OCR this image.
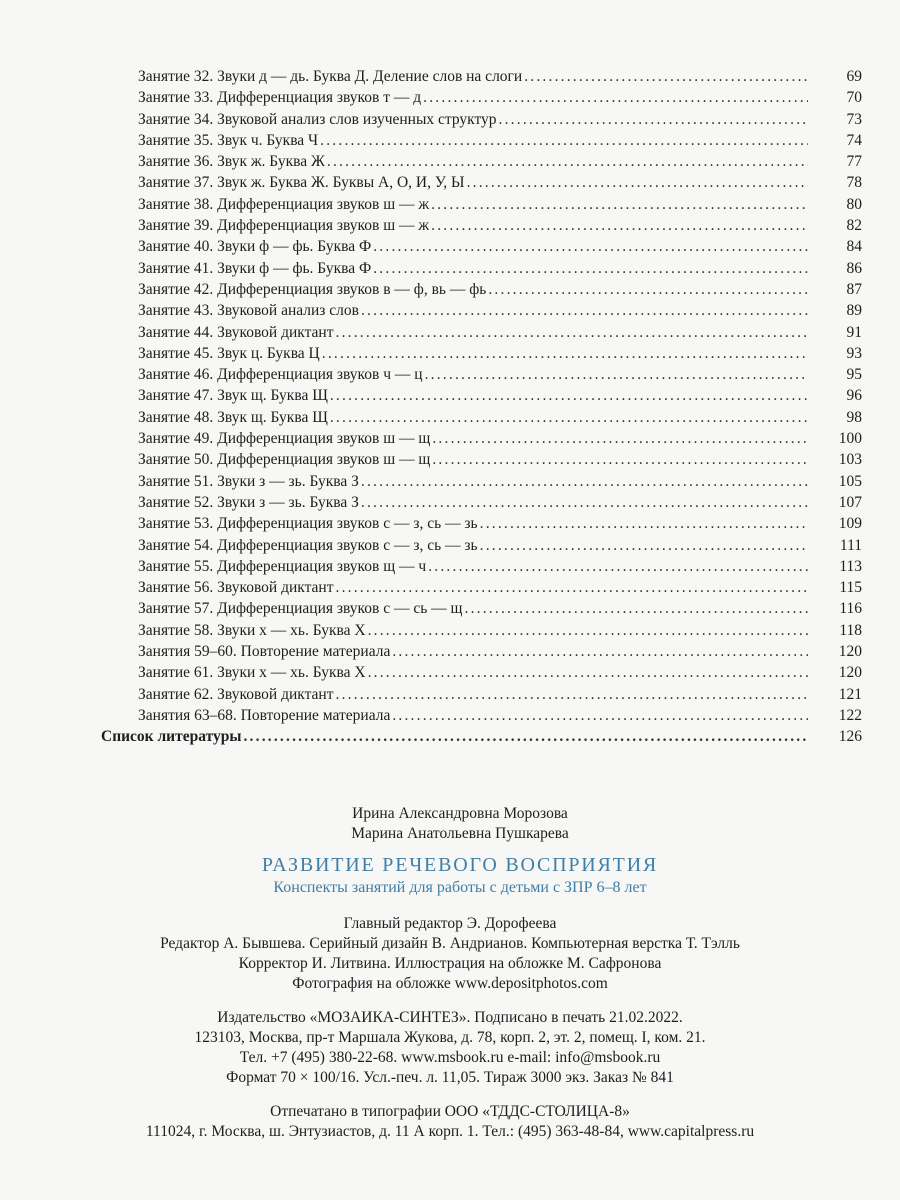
Занятие 32. Звуки д — дь. Буква Д. Деление слов на слоги .....	69
Занятие 33. Дифференциация звуков т — д .....	70
Занятие 34. Звуковой анализ слов изученных структур .....	73
Занятие 35. Звук ч. Буква Ч .....	74
Занятие 36. Звук ж. Буква Ж .....	77
Занятие 37. Звук ж. Буква Ж. Буквы А, О, И, У, Ы .....	78
Занятие 38. Дифференциация звуков ш — ж .....	80
Занятие 39. Дифференциация звуков ш — ж .....	82
Занятие 40. Звуки ф — фь. Буква Ф .....	84
Занятие 41. Звуки ф — фь. Буква Ф .....	86
Занятие 42. Дифференциация звуков в — ф, вь — фь .....	87
Занятие 43. Звуковой анализ слов .....	89
Занятие 44. Звуковой диктант .....	91
Занятие 45. Звук ц. Буква Ц .....	93
Занятие 46. Дифференциация звуков ч — ц .....	95
Занятие 47. Звук щ. Буква Щ .....	96
Занятие 48. Звук щ. Буква Щ .....	98
Занятие 49. Дифференциация звуков ш — щ .....	100
Занятие 50. Дифференциация звуков ш — щ .....	103
Занятие 51. Звуки з — зь. Буква З .....	105
Занятие 52. Звуки з — зь. Буква З .....	107
Занятие 53. Дифференциация звуков с — з, сь — зь .....	109
Занятие 54. Дифференциация звуков с — з, сь — зь .....	111
Занятие 55. Дифференциация звуков щ — ч .....	113
Занятие 56. Звуковой диктант .....	115
Занятие 57. Дифференциация звуков с — сь — щ .....	116
Занятие 58. Звуки х — хь. Буква Х .....	118
Занятия 59–60. Повторение материала .....	120
Занятие 61. Звуки х — хь. Буква Х .....	120
Занятие 62. Звуковой диктант .....	121
Занятия 63–68. Повторение материала .....	122
Список литературы .....	126
Ирина Александровна Морозова
Марина Анатольевна Пушкарева
РАЗВИТИЕ РЕЧЕВОГО ВОСПРИЯТИЯ
Конспекты занятий для работы с детьми с ЗПР 6–8 лет
Главный редактор Э. Дорофеева
Редактор А. Бывшева. Серийный дизайн В. Андрианов. Компьютерная верстка Т. Тэлль
Корректор И. Литвина. Иллюстрация на обложке М. Сафронова
Фотография на обложке www.depositphotos.com
Издательство «МОЗАИКА-СИНТЕЗ». Подписано в печать 21.02.2022.
123103, Москва, пр-т Маршала Жукова, д. 78, корп. 2, эт. 2, помещ. I, ком. 21.
Тел. +7 (495) 380-22-68. www.msbook.ru e-mail: info@msbook.ru
Формат 70 × 100/16. Усл.-печ. л. 11,05. Тираж 3000 экз. Заказ № 841
Отпечатано в типографии ООО «ТДДС-СТОЛИЦА-8»
111024, г. Москва, ш. Энтузиастов, д. 11 А корп. 1. Тел.: (495) 363-48-84, www.capitalpress.ru
